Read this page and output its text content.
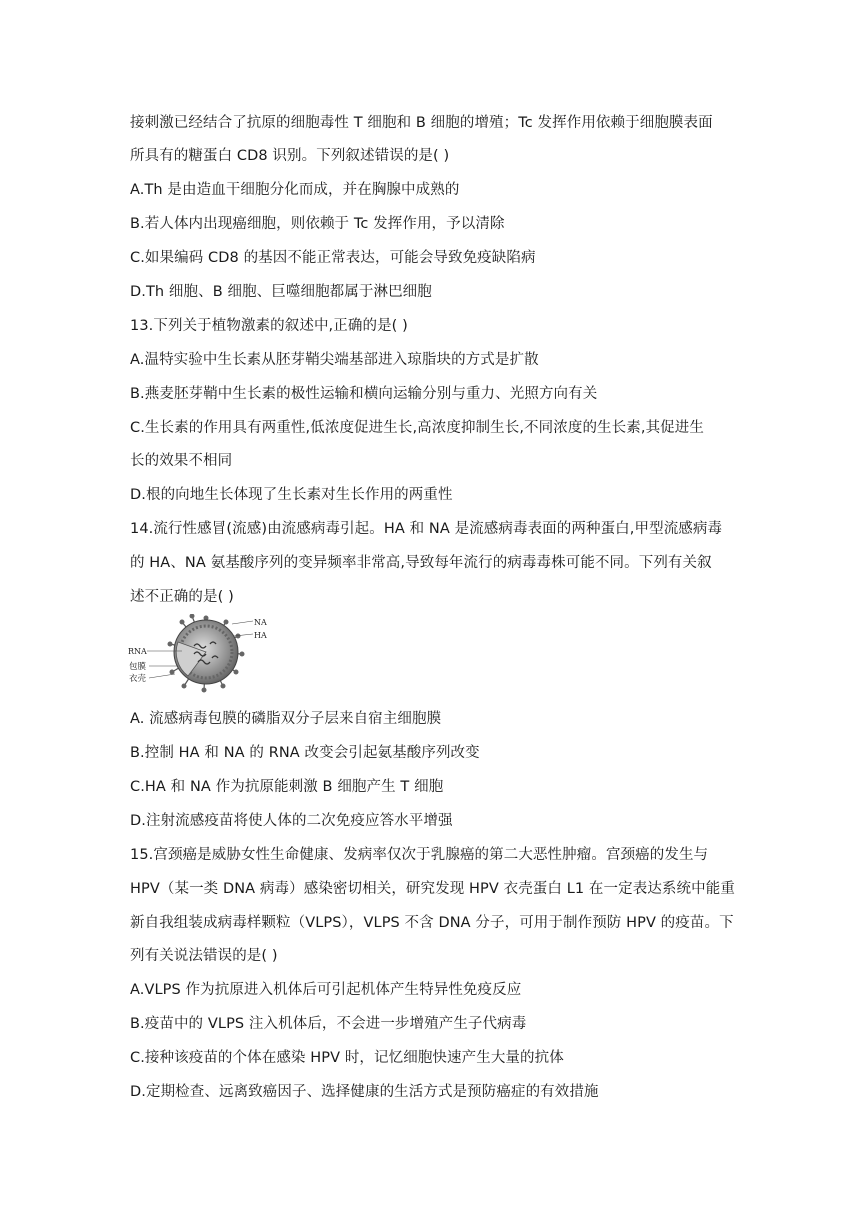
接刺激已经结合了抗原的细胞毒性 T 细胞和 B 细胞的增殖；Tc 发挥作用依赖于细胞膜表面
所具有的糖蛋白 CD8 识别。下列叙述错误的是( )
A.Th 是由造血干细胞分化而成，并在胸腺中成熟的
B.若人体内出现癌细胞，则依赖于 Tc 发挥作用，予以清除
C.如果编码 CD8 的基因不能正常表达，可能会导致免疫缺陷病
D.Th 细胞、B 细胞、巨噬细胞都属于淋巴细胞
13.下列关于植物激素的叙述中,正确的是( )
A.温特实验中生长素从胚芽鞘尖端基部进入琼脂块的方式是扩散
B.燕麦胚芽鞘中生长素的极性运输和横向运输分别与重力、光照方向有关
C.生长素的作用具有两重性,低浓度促进生长,高浓度抑制生长,不同浓度的生长素,其促进生
长的效果不相同
D.根的向地生长体现了生长素对生长作用的两重性
14.流行性感冒(流感)由流感病毒引起。HA 和 NA 是流感病毒表面的两种蛋白,甲型流感病毒
的 HA、NA 氨基酸序列的变异频率非常高,导致每年流行的病毒毒株可能不同。下列有关叙
述不正确的是( )
NA
HA
RNA
包膜
衣壳
A. 流感病毒包膜的磷脂双分子层来自宿主细胞膜
B.控制 HA 和 NA 的 RNA 改变会引起氨基酸序列改变
C.HA 和 NA 作为抗原能刺激 B 细胞产生 T 细胞
D.注射流感疫苗将使人体的二次免疫应答水平增强
15.宫颈癌是威胁女性生命健康、发病率仅次于乳腺癌的第二大恶性肿瘤。宫颈癌的发生与
HPV（某一类 DNA 病毒）感染密切相关，研究发现 HPV 衣壳蛋白 L1 在一定表达系统中能重
新自我组装成病毒样颗粒（VLPS），VLPS 不含 DNA 分子，可用于制作预防 HPV 的疫苗。下
列有关说法错误的是( )
A.VLPS 作为抗原进入机体后可引起机体产生特异性免疫反应
B.疫苗中的 VLPS 注入机体后，不会进一步增殖产生子代病毒
C.接种该疫苗的个体在感染 HPV 时，记忆细胞快速产生大量的抗体
D.定期检查、远离致癌因子、选择健康的生活方式是预防癌症的有效措施
